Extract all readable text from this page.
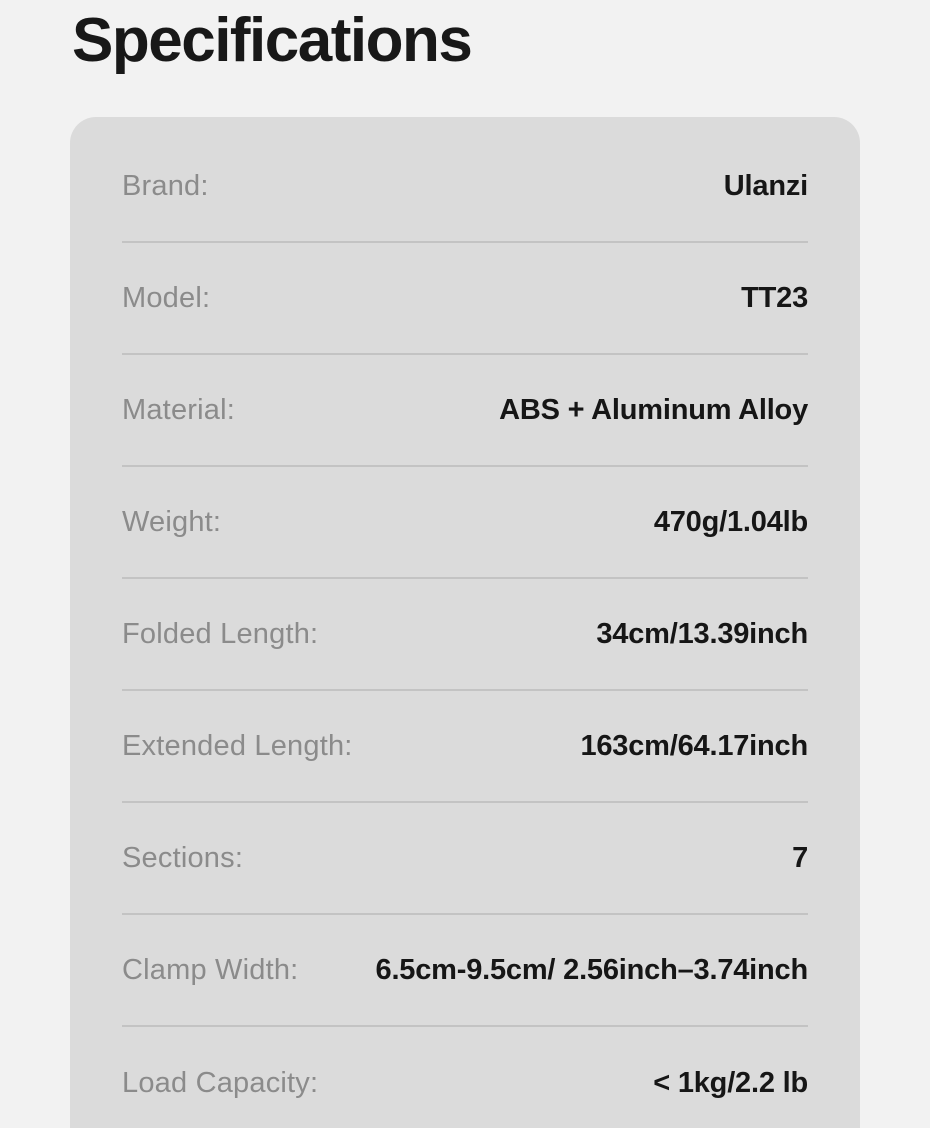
Specifications
Brand:	Ulanzi
Model:	TT23
Material:	ABS + Aluminum Alloy
Weight:	470g/1.04lb
Folded Length:	34cm/13.39inch
Extended Length:	163cm/64.17inch
Sections:	7
Clamp Width:	6.5cm-9.5cm/ 2.56inch–3.74inch
Load Capacity:	< 1kg/2.2 lb
